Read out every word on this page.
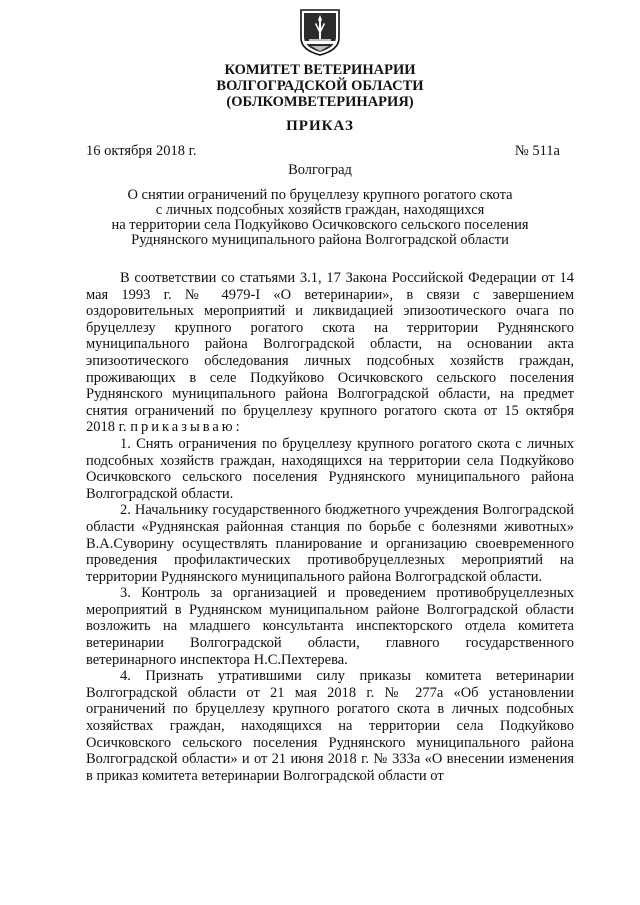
КОМИТЕТ ВЕТЕРИНАРИИ
ВОЛГОГРАДСКОЙ ОБЛАСТИ
(ОБЛКОМВЕТЕРИНАРИЯ)
ПРИКАЗ
16 октября 2018 г.	№ 511а
Волгоград
О снятии ограничений по бруцеллезу крупного рогатого скота
с личных подсобных хозяйств граждан, находящихся
на территории села Подкуйково Осичковского сельского поселения
Руднянского муниципального района Волгоградской области

В соответствии со статьями 3.1, 17 Закона Российской Федерации от 14 мая 1993 г. № 4979-I «О ветеринарии», в связи с завершением оздоровительных мероприятий и ликвидацией эпизоотического очага по бруцеллезу крупного рогатого скота на территории Руднянского муниципального района Волгоградской области, на основании акта эпизоотического обследования личных подсобных хозяйств граждан, проживающих в селе Подкуйково Осичковского сельского поселения Руднянского муниципального района Волгоградской области, на предмет снятия ограничений по бруцеллезу крупного рогатого скота от 15 октября 2018 г. приказываю:

1. Снять ограничения по бруцеллезу крупного рогатого скота с личных подсобных хозяйств граждан, находящихся на территории села Подкуйково Осичковского сельского поселения Руднянского муниципального района Волгоградской области.

2. Начальнику государственного бюджетного учреждения Волгоградской области «Руднянская районная станция по борьбе с болезнями животных» В.А.Суворину осуществлять планирование и организацию своевременного проведения профилактических противобруцеллезных мероприятий на территории Руднянского муниципального района Волгоградской области.

3. Контроль за организацией и проведением противобруцеллезных мероприятий в Руднянском муниципальном районе Волгоградской области возложить на младшего консультанта инспекторского отдела комитета ветеринарии Волгоградской области, главного государственного ветеринарного инспектора Н.С.Пехтерева.

4. Признать утратившими силу приказы комитета ветеринарии Волгоградской области от 21 мая 2018 г. № 277а «Об установлении ограничений по бруцеллезу крупного рогатого скота в личных подсобных хозяйствах граждан, находящихся на территории села Подкуйково Осичковского сельского поселения Руднянского муниципального района Волгоградской области» и от 21 июня 2018 г. № 333а «О внесении изменения в приказ комитета ветеринарии Волгоградской области от
